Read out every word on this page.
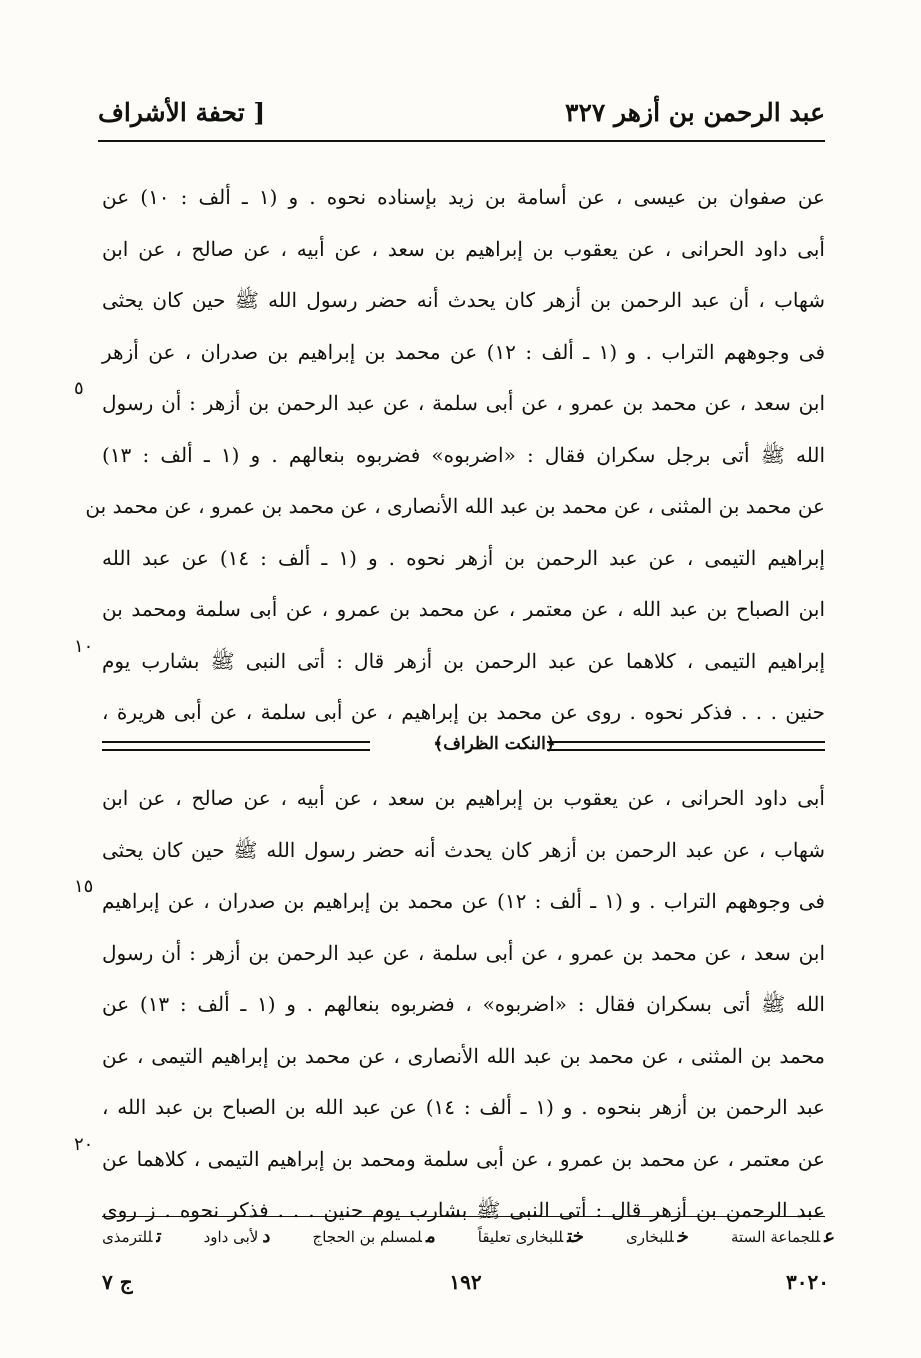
عبد الرحمن بن أزهر ٣٢٧
[ تحفة الأشراف
عن صفوان بن عيسى ، عن أسامة بن زيد بإسناده نحوه . و (١ ـ ألف : ١٠) عن
أبى داود الحرانى ، عن يعقوب بن إبراهيم بن سعد ، عن أبيه ، عن صالح ، عن ابن
شهاب ، أن عبد الرحمن بن أزهر كان يحدث أنه حضر رسول الله ﷺ حين كان يحثى
فى وجوههم التراب . و (١ ـ ألف : ١٢) عن محمد بن إبراهيم بن صدران ، عن أزهر
ابن سعد ، عن محمد بن عمرو ، عن أبى سلمة ، عن عبد الرحمن بن أزهر : أن رسول
الله ﷺ أتى برجل سكران فقال : «اضربوه» فضربوه بنعالهم . و (١ ـ ألف : ١٣)
عن محمد بن المثنى ، عن محمد بن عبد الله الأنصارى ، عن محمد بن عمرو ، عن محمد بن
إبراهيم التيمى ، عن عبد الرحمن بن أزهر نحوه . و (١ ـ ألف : ١٤) عن عبد الله
ابن الصباح بن عبد الله ، عن معتمر ، عن محمد بن عمرو ، عن أبى سلمة ومحمد بن
إبراهيم التيمى ، كلاهما عن عبد الرحمن بن أزهر قال : أتى النبى ﷺ بشارب يوم
حنين . . . فذكر نحوه . روى عن محمد بن إبراهيم ، عن أبى سلمة ، عن أبى هريرة ،
٥
١٠
﴿النكت الظراف﴾
أبى داود الحرانى ، عن يعقوب بن إبراهيم بن سعد ، عن أبيه ، عن صالح ، عن ابن
شهاب ، عن عبد الرحمن بن أزهر كان يحدث أنه حضر رسول الله ﷺ حين كان يحثى
فى وجوههم التراب . و (١ ـ ألف : ١٢) عن محمد بن إبراهيم بن صدران ، عن إبراهيم
ابن سعد ، عن محمد بن عمرو ، عن أبى سلمة ، عن عبد الرحمن بن أزهر : أن رسول
الله ﷺ أتى بسكران فقال : «اضربوه» ، فضربوه بنعالهم . و (١ ـ ألف : ١٣) عن
محمد بن المثنى ، عن محمد بن عبد الله الأنصارى ، عن محمد بن إبراهيم التيمى ، عن
عبد الرحمن بن أزهر بنحوه . و (١ ـ ألف : ١٤) عن عبد الله بن الصباح بن عبد الله ،
عن معتمر ، عن محمد بن عمرو ، عن أبى سلمة ومحمد بن إبراهيم التيمى ، كلاهما عن
عبد الرحمن بن أزهر قال : أتى النبى ﷺ بشارب يوم حنين . . . فذكر نحوه . ز روى
١٥
٢٠
عللجماعة الستة
خللبخارى
ختللبخارى تعليقاً
ملمسلم بن الحجاج
دلأبى داود
تللترمذى
٣٠٢٠
١٩٢
ج ٧
